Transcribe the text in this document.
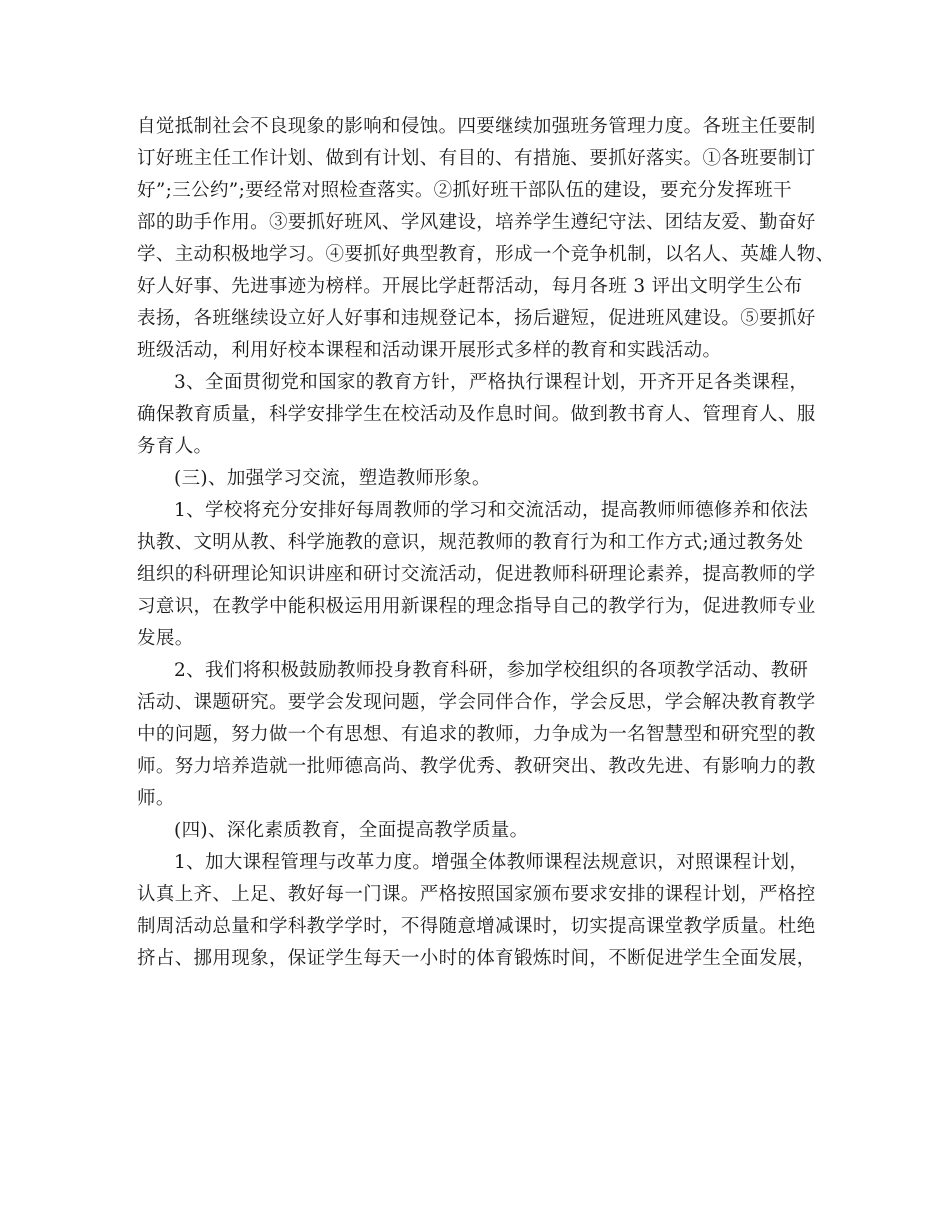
自觉抵制社会不良现象的影响和侵蚀。四要继续加强班务管理力度。各班主任要制
订好班主任工作计划、做到有计划、有目的、有措施、要抓好落实。①各班要制订
好”;三公约”;要经常对照检查落实。②抓好班干部队伍的建设，要充分发挥班干
部的助手作用。③要抓好班风、学风建设，培养学生遵纪守法、团结友爱、勤奋好
学、主动积极地学习。④要抓好典型教育，形成一个竞争机制，以名人、英雄人物、
好人好事、先进事迹为榜样。开展比学赶帮活动，每月各班 3 评出文明学生公布
表扬，各班继续设立好人好事和违规登记本，扬后避短，促进班风建设。⑤要抓好
班级活动，利用好校本课程和活动课开展形式多样的教育和实践活动。
3、全面贯彻党和国家的教育方针，严格执行课程计划，开齐开足各类课程，
确保教育质量，科学安排学生在校活动及作息时间。做到教书育人、管理育人、服
务育人。
(三)、加强学习交流，塑造教师形象。
1、学校将充分安排好每周教师的学习和交流活动，提高教师师德修养和依法
执教、文明从教、科学施教的意识，规范教师的教育行为和工作方式;通过教务处
组织的科研理论知识讲座和研讨交流活动，促进教师科研理论素养，提高教师的学
习意识，在教学中能积极运用用新课程的理念指导自己的教学行为，促进教师专业
发展。
2、我们将积极鼓励教师投身教育科研，参加学校组织的各项教学活动、教研
活动、课题研究。要学会发现问题，学会同伴合作，学会反思，学会解决教育教学
中的问题，努力做一个有思想、有追求的教师，力争成为一名智慧型和研究型的教
师。努力培养造就一批师德高尚、教学优秀、教研突出、教改先进、有影响力的教
师。
(四)、深化素质教育，全面提高教学质量。
1、加大课程管理与改革力度。增强全体教师课程法规意识，对照课程计划，
认真上齐、上足、教好每一门课。严格按照国家颁布要求安排的课程计划，严格控
制周活动总量和学科教学学时，不得随意增减课时，切实提高课堂教学质量。杜绝
挤占、挪用现象，保证学生每天一小时的体育锻炼时间，不断促进学生全面发展，
